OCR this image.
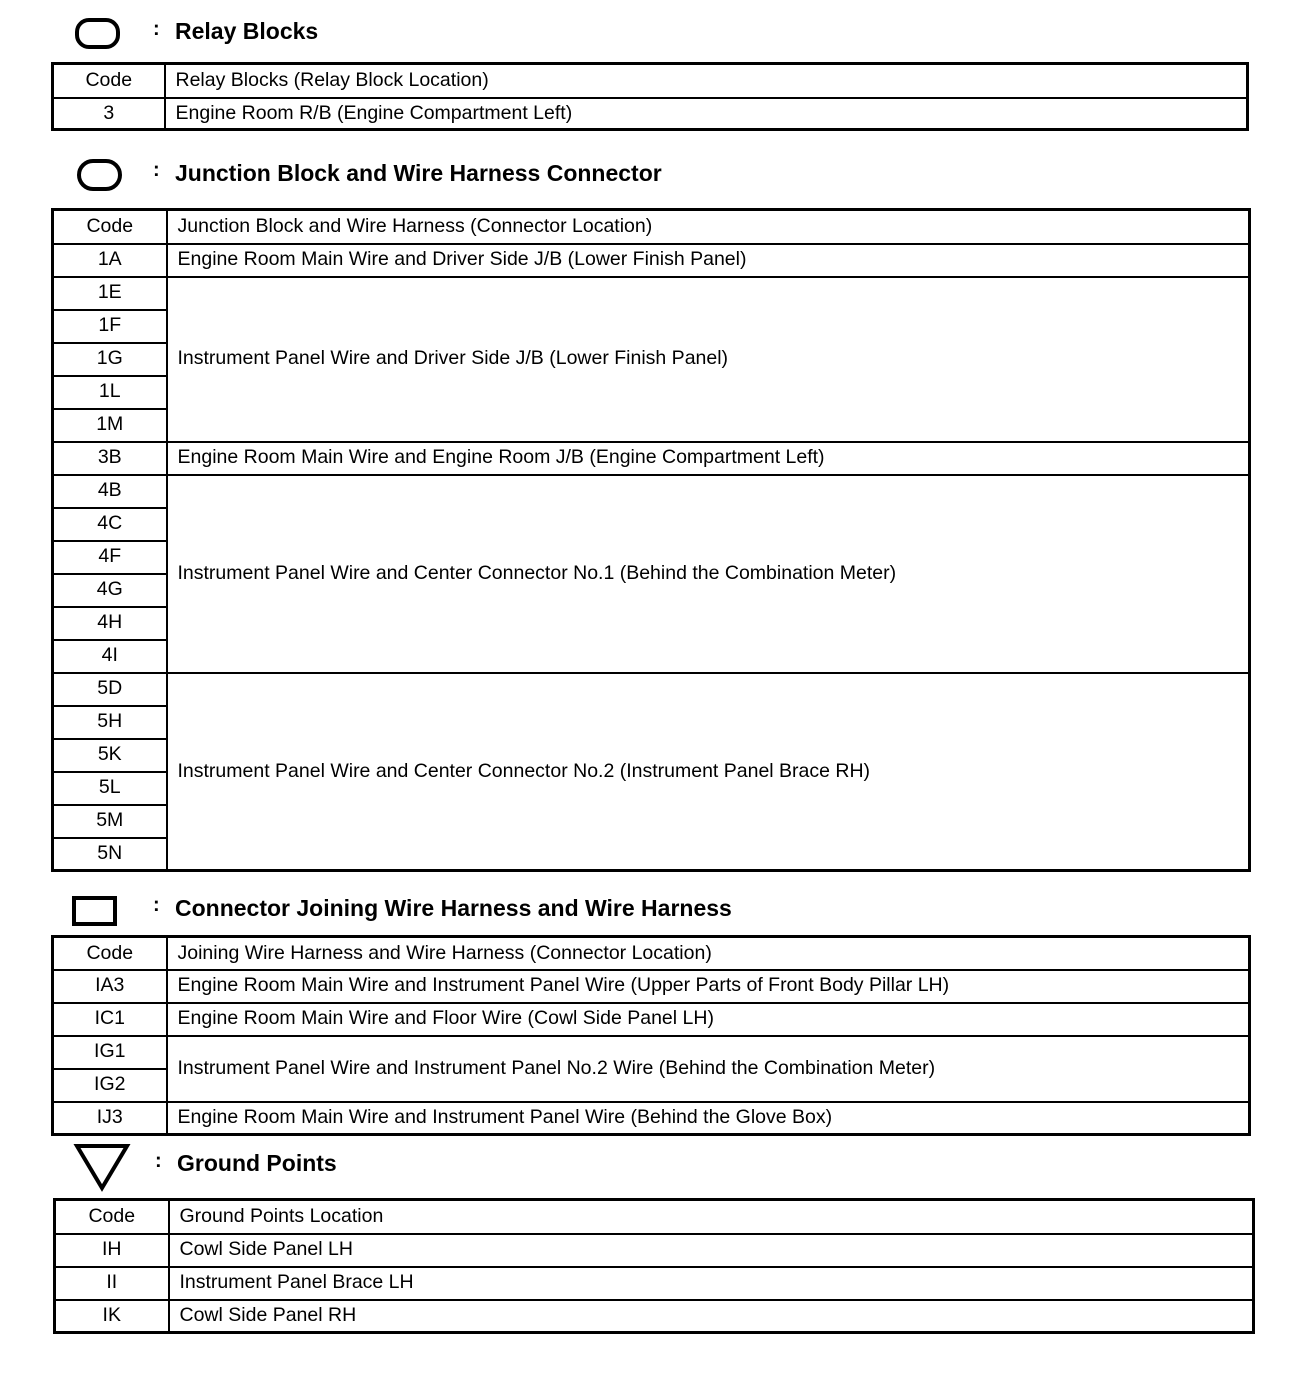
: Relay Blocks
Code	Relay Blocks (Relay Block Location)
3	Engine Room R/B (Engine Compartment Left)
: Junction Block and Wire Harness Connector
Code	Junction Block and Wire Harness (Connector Location)
1A	Engine Room Main Wire and Driver Side J/B (Lower Finish Panel)
1E	Instrument Panel Wire and Driver Side J/B (Lower Finish Panel)
1F	
1G	
1L	
1M	
3B	Engine Room Main Wire and Engine Room J/B (Engine Compartment Left)
4B	Instrument Panel Wire and Center Connector No.1 (Behind the Combination Meter)
4C	
4F	
4G	
4H	
4I	
5D	Instrument Panel Wire and Center Connector No.2 (Instrument Panel Brace RH)
5H	
5K	
5L	
5M	
5N	
: Connector Joining Wire Harness and Wire Harness
Code	Joining Wire Harness and Wire Harness (Connector Location)
IA3	Engine Room Main Wire and Instrument Panel Wire (Upper Parts of Front Body Pillar LH)
IC1	Engine Room Main Wire and Floor Wire (Cowl Side Panel LH)
IG1	Instrument Panel Wire and Instrument Panel No.2 Wire (Behind the Combination Meter)
IG2	
IJ3	Engine Room Main Wire and Instrument Panel Wire (Behind the Glove Box)
: Ground Points
Code	Ground Points Location
IH	Cowl Side Panel LH
II	Instrument Panel Brace LH
IK	Cowl Side Panel RH
